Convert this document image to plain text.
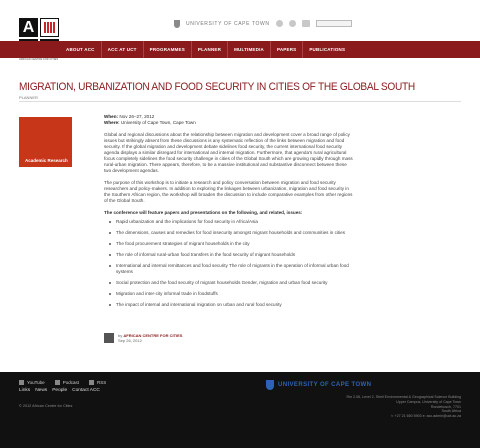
A
AFRICAN CENTRE FOR CITIES
UNIVERSITY OF CAPE TOWN
ABOUT ACC	ACC AT UCT	PROGRAMMES	PLANNER	MULTIMEDIA	PAPERS	PUBLICATIONS
MIGRATION, URBANIZATION AND FOOD SECURITY IN CITIES OF THE GLOBAL SOUTH
PLANNER
Academic Research
When: Nov 26–27, 2012
Where: University of Cape Town, Cape Town

Global and regional discussions about the relationship between migration and development cover a broad range of policy issues but strikingly absent from these discussions is any systematic reflection of the links between migration and food security. If the global migration and development debate sidelines food security, the current international food security agenda displays a similar disregard for international and internal migration. Furthermore, that agenda's rural agricultural focus completely sidelines the food security challenge in cities of the Global South which are growing rapidly through mass rural-urban migration. There appears, therefore, to be a massive institutional and substantive disconnect between these two development agendas.

The purpose of this workshop is to initiate a research and policy conversation between migration and food security researchers and policy-makers. In addition to exploring the linkages between urbanization, migration and food security in the Southern African region, the workshop will broaden the discussion to include comparative examples from other regions of the Global South.

The conference will feature papers and presentations on the following, and related, issues:

Rapid urbanization and the implications for food security in Africa/Asia
The dimensions, causes and remedies for food insecurity amongst migrant households and communities in cities
The food procurement strategies of migrant households in the city
The role of informal rural-urban food transfers in the food security of migrant households
International and internal remittances and food security The role of migrants in the operation of informal urban food systems
Social protection and the food security of migrant households Gender, migration and urban food security
Migration and inter-city informal trade in foodstuffs
The impact of internal and international migration on urban and rural food security
by AFRICAN CENTRE FOR CITIES
Sep 26, 2012
YouTube	Podcast	RSS
Links News People Contact ACC
© 2012 African Centre for Cities
UNIVERSITY OF CAPE TOWN
Rm 2.06, Level 2, Shell Environmental & Geographical Science Building
Upper Campus, University of Cape Town
Rondebosch, 7701
South Africa
t: +27 21 650 5903 e: acc.admin@uct.ac.za
